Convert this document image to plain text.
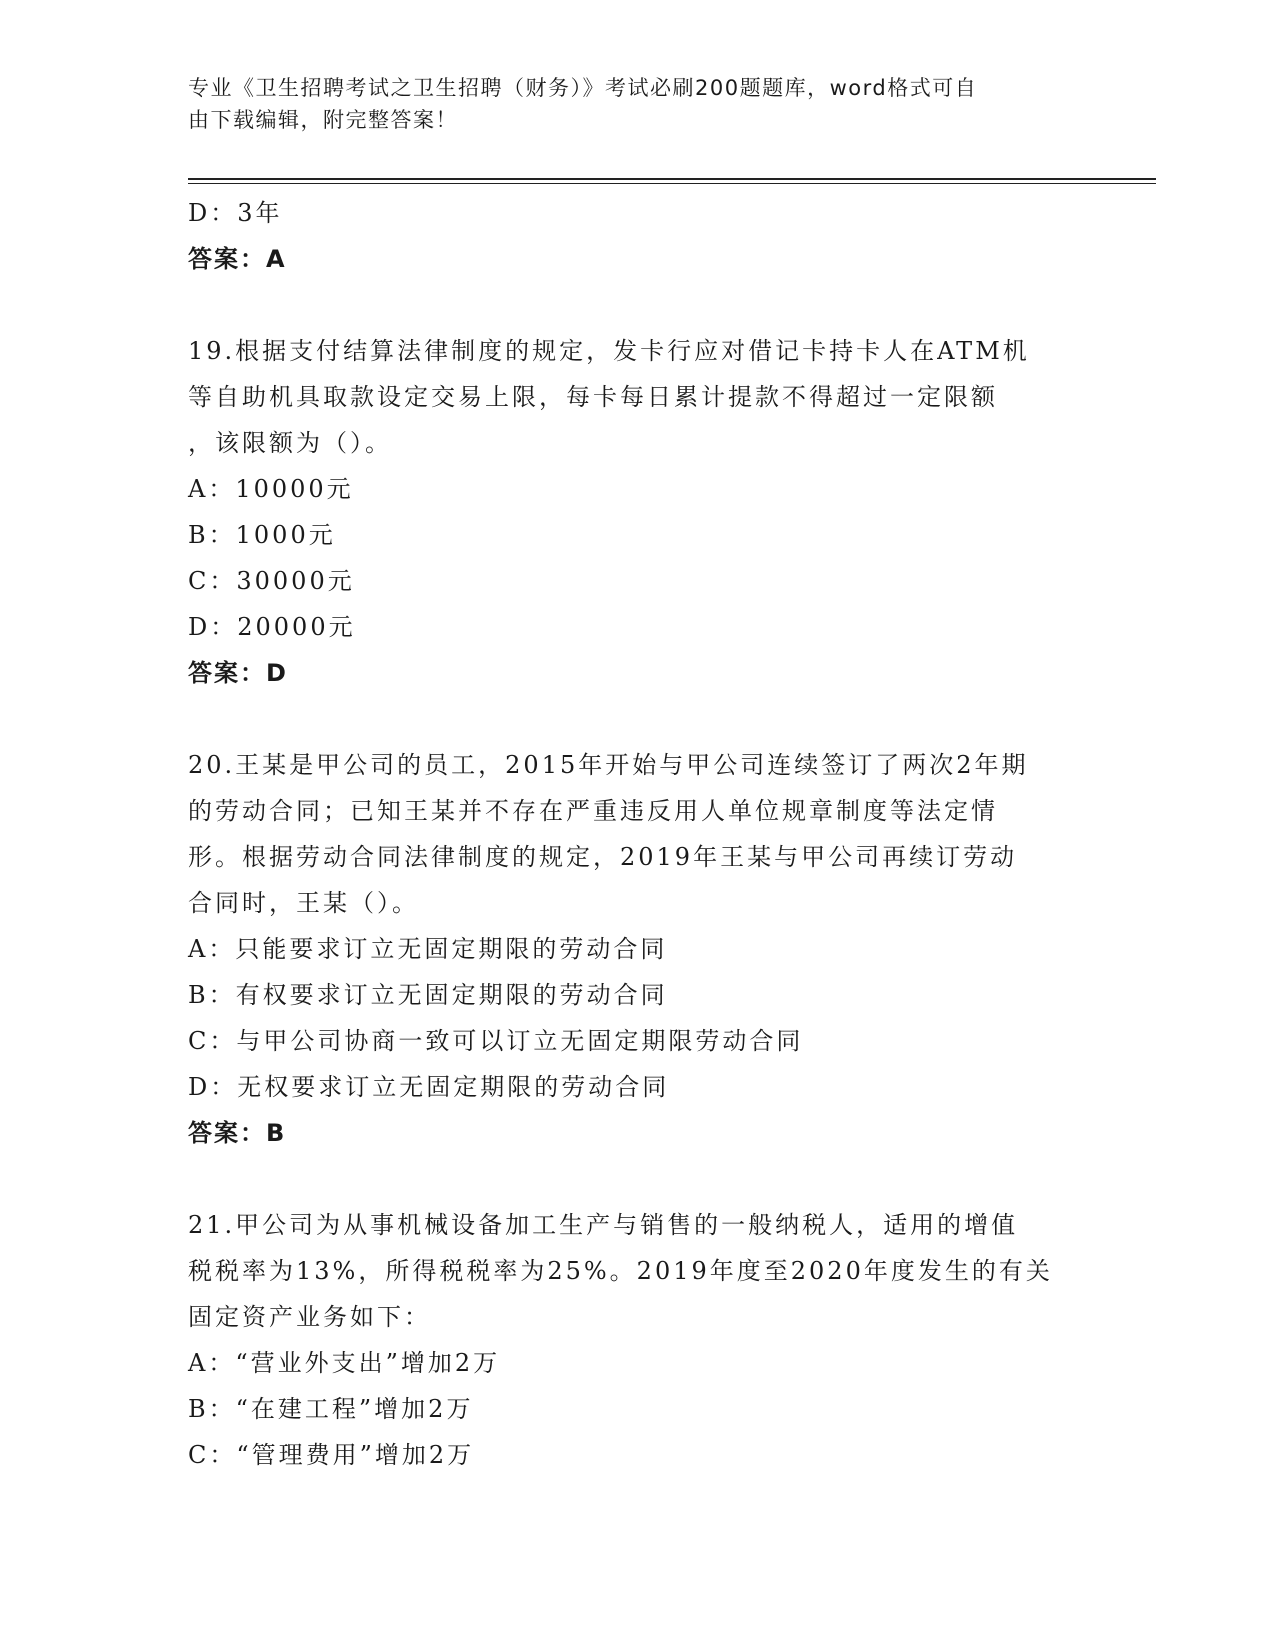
专业《卫生招聘考试之卫生招聘（财务）》考试必刷200题题库，word格式可自
由下载编辑，附完整答案！
D：3年
答案：A
19.根据支付结算法律制度的规定，发卡行应对借记卡持卡人在ATM机
等自助机具取款设定交易上限，每卡每日累计提款不得超过一定限额
，该限额为（）。
A：10000元
B：1000元
C：30000元
D：20000元
答案：D
20.王某是甲公司的员工，2015年开始与甲公司连续签订了两次2年期
的劳动合同；已知王某并不存在严重违反用人单位规章制度等法定情
形。根据劳动合同法律制度的规定，2019年王某与甲公司再续订劳动
合同时，王某（）。
A：只能要求订立无固定期限的劳动合同
B：有权要求订立无固定期限的劳动合同
C：与甲公司协商一致可以订立无固定期限劳动合同
D：无权要求订立无固定期限的劳动合同
答案：B
21.甲公司为从事机械设备加工生产与销售的一般纳税人，适用的增值
税税率为13%，所得税税率为25%。2019年度至2020年度发生的有关
固定资产业务如下：
A：“营业外支出”增加2万
B：“在建工程”增加2万
C：“管理费用”增加2万
